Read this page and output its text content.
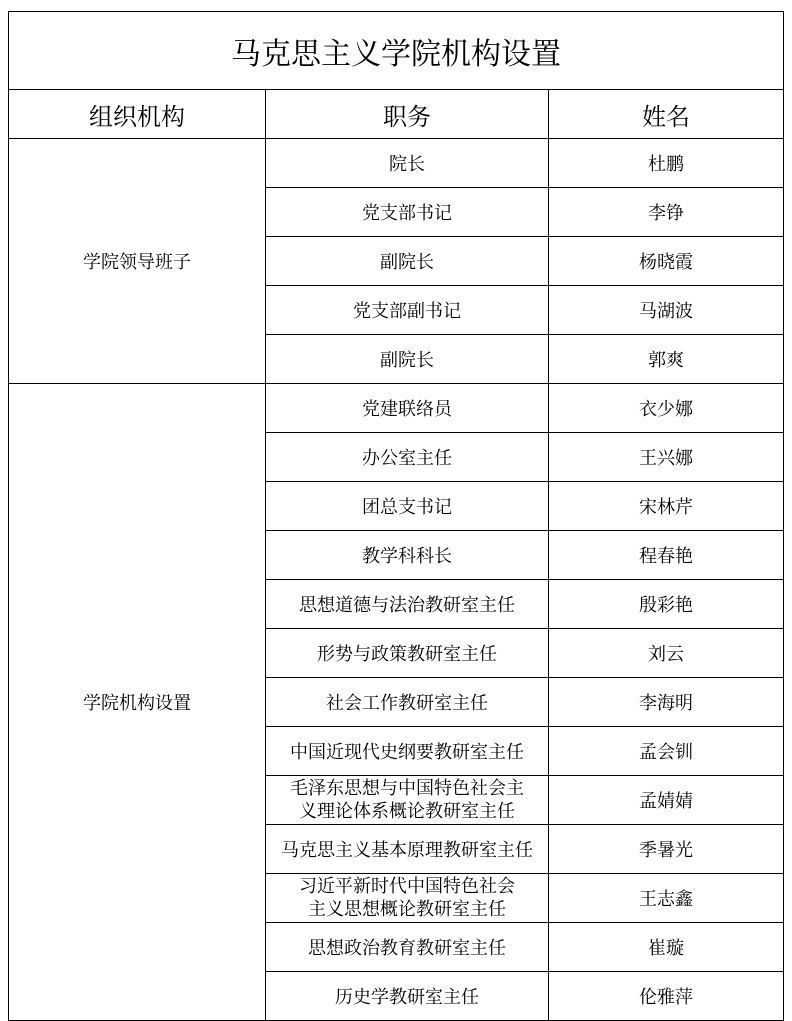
马克思主义学院机构设置		
组织机构	职务	姓名
学院领导班子	院长	杜鹏
	党支部书记	李铮
	副院长	杨晓霞
	党支部副书记	马湖波
	副院长	郭爽
学院机构设置	党建联络员	衣少娜
	办公室主任	王兴娜
	团总支书记	宋林芹
	教学科科长	程春艳
	思想道德与法治教研室主任	殷彩艳
	形势与政策教研室主任	刘云
	社会工作教研室主任	李海明
	中国近现代史纲要教研室主任	孟会钏

	毛泽东思想与中国特色社会主
义理论体系概论教研室主任	孟婧婧
	马克思主义基本原理教研室主任	季暑光

	习近平新时代中国特色社会
主义思想概论教研室主任	王志鑫
	思想政治教育教研室主任	崔璇
	历史学教研室主任	伦雅萍
